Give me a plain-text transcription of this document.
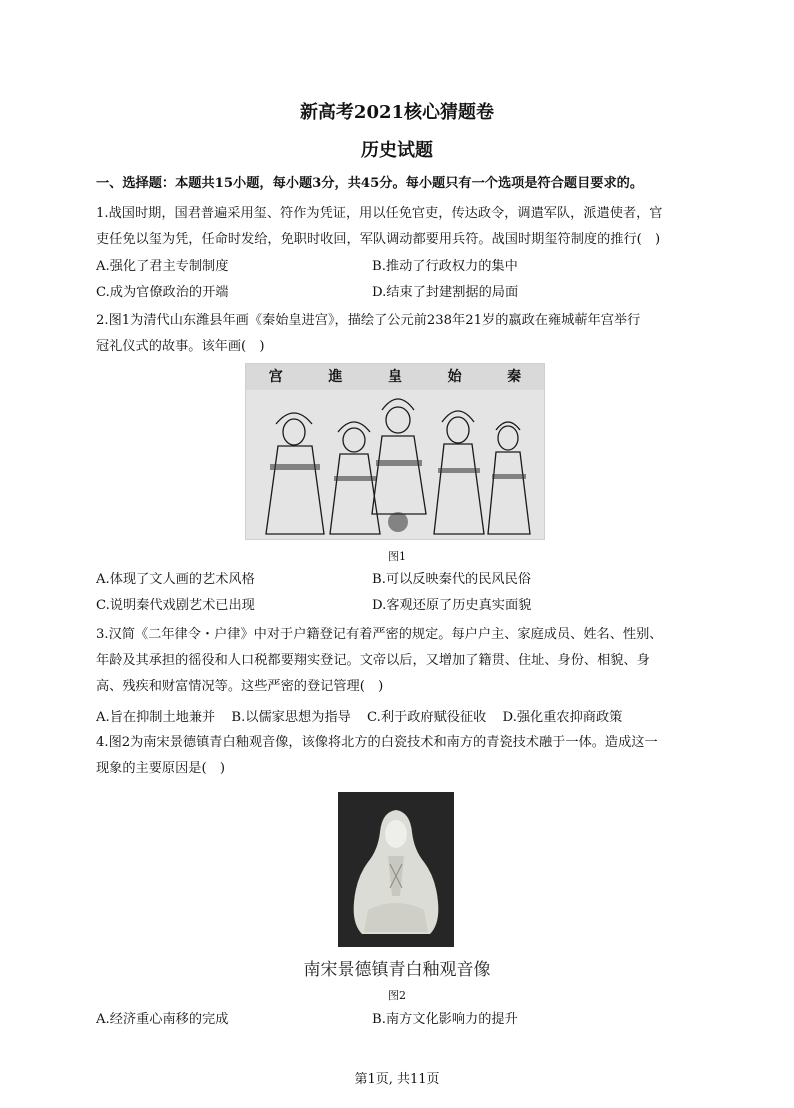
新高考2021核心猜题卷
历史试题
一、选择题：本题共15小题，每小题3分，共45分。每小题只有一个选项是符合题目要求的。
1.战国时期，国君普遍采用玺、符作为凭证，用以任免官吏，传达政令，调遣军队，派遣使者，官
吏任免以玺为凭，任命时发给，免职时收回，军队调动都要用兵符。战国时期玺符制度的推行(　)
A.强化了君主专制制度	B.推动了行政权力的集中
C.成为官僚政治的开端	D.结束了封建割据的局面
2.图1为清代山东潍县年画《秦始皇进宫》，描绘了公元前238年21岁的嬴政在雍城蕲年宫举行
冠礼仪式的故事。该年画(　)
宫	進	皇	始	秦
图1
A.体现了文人画的艺术风格	B.可以反映秦代的民风民俗
C.说明秦代戏剧艺术已出现	D.客观还原了历史真实面貌
3.汉简《二年律令・户律》中对于户籍登记有着严密的规定。每户户主、家庭成员、姓名、性别、
年龄及其承担的徭役和人口税都要翔实登记。文帝以后，又增加了籍贯、住址、身份、相貌、身
高、残疾和财富情况等。这些严密的登记管理(　)
A.旨在抑制土地兼并 B.以儒家思想为指导 C.利于政府赋役征收 D.强化重农抑商政策
4.图2为南宋景德镇青白釉观音像，该像将北方的白瓷技术和南方的青瓷技术融于一体。造成这一
现象的主要原因是(　)
南宋景德镇青白釉观音像
图2
A.经济重心南移的完成	B.南方文化影响力的提升
第1页, 共11页
